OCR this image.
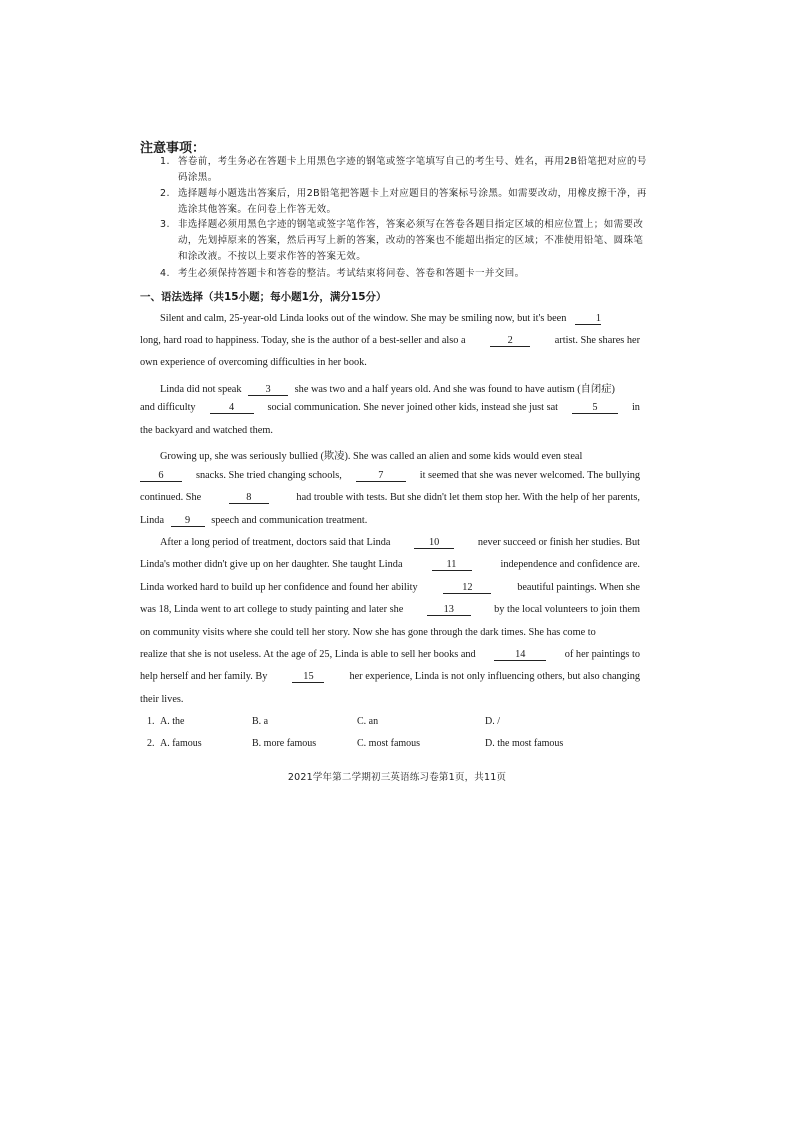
注意事项：
1. 答卷前，考生务必在答题卡上用黑色字迹的钢笔或签字笔填写自己的考生号、姓名，再用2B铅笔把对应的号码涂黑。
2. 选择题每小题选出答案后，用2B铅笔把答题卡上对应题目的答案标号涂黑。如需要改动，用橡皮擦干净，再选涂其他答案。在问卷上作答无效。
3. 非选择题必须用黑色字迹的钢笔或签字笔作答，答案必须写在答卷各题目指定区域的相应位置上；如需要改动，先划掉原来的答案，然后再写上新的答案，改动的答案也不能超出指定的区域；不准使用铅笔、圆珠笔和涂改液。不按以上要求作答的答案无效。
4. 考生必须保持答题卡和答卷的整洁。考试结束将问卷、答卷和答题卡一并交回。
一、语法选择（共15小题；每小题1分，满分15分）
Silent and calm, 25-year-old Linda looks out of the window. She may be smiling now, but it's been	1
long, hard road to happiness. Today, she is the author of a best-seller and also a	2	artist. She shares her
own experience of overcoming difficulties in her book.
Linda did not speak 3 she was two and a half years old. And she was found to have autism (自闭症)
and difficulty	4	social communication. She never joined other kids, instead she just sat	5	in
the backyard and watched them.
Growing up, she was seriously bullied (欺凌). She was called an alien and some kids would even steal
6	snacks. She tried changing schools,	7	it seemed that she was never welcomed. The bullying
continued. She	8	had trouble with tests. But she didn't let them stop her. With the help of her parents,
Linda 9 speech and communication treatment.
After a long period of treatment, doctors said that Linda	10	never succeed or finish her studies. But
Linda's mother didn't give up on her daughter. She taught Linda	11	independence and confidence are.
Linda worked hard to build up her confidence and found her ability	12	beautiful paintings. When she
was 18, Linda went to art college to study painting and later she	13	by the local volunteers to join them
on community visits where she could tell her story. Now she has gone through the dark times. She has come to
realize that she is not useless. At the age of 25, Linda is able to sell her books and	14	of her paintings to
help herself and her family. By	15	her experience, Linda is not only influencing others, but also changing
their lives.
1. A. the	B. a	C. an	D. /
2. A. famous	B. more famous	C. most famous	D. the most famous
2021学年第二学期初三英语练习卷第1页，共11页
